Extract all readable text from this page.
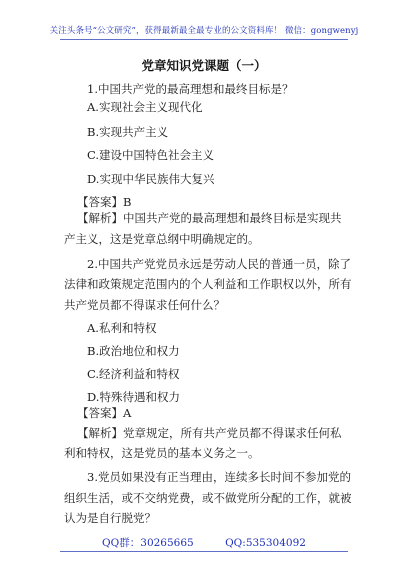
关注头条号“公文研究”，获得最新最全最专业的公文资料库！ 微信：gongwenyj
党章知识党课题（一）
1.中国共产党的最高理想和最终目标是？
A.实现社会主义现代化
B.实现共产主义
C.建设中国特色社会主义
D.实现中华民族伟大复兴
【答案】B
【解析】中国共产党的最高理想和最终目标是实现共
产主义，这是党章总纲中明确规定的。
2.中国共产党党员永远是劳动人民的普通一员，除了
法律和政策规定范围内的个人利益和工作职权以外，所有
共产党员都不得谋求任何什么？
A.私利和特权
B.政治地位和权力
C.经济利益和特权
D.特殊待遇和权力
【答案】A
【解析】党章规定，所有共产党员都不得谋求任何私
利和特权，这是党员的基本义务之一。
3.党员如果没有正当理由，连续多长时间不参加党的
组织生活，或不交纳党费，或不做党所分配的工作，就被
认为是自行脱党？
QQ群：30265665	QQ:535304092
